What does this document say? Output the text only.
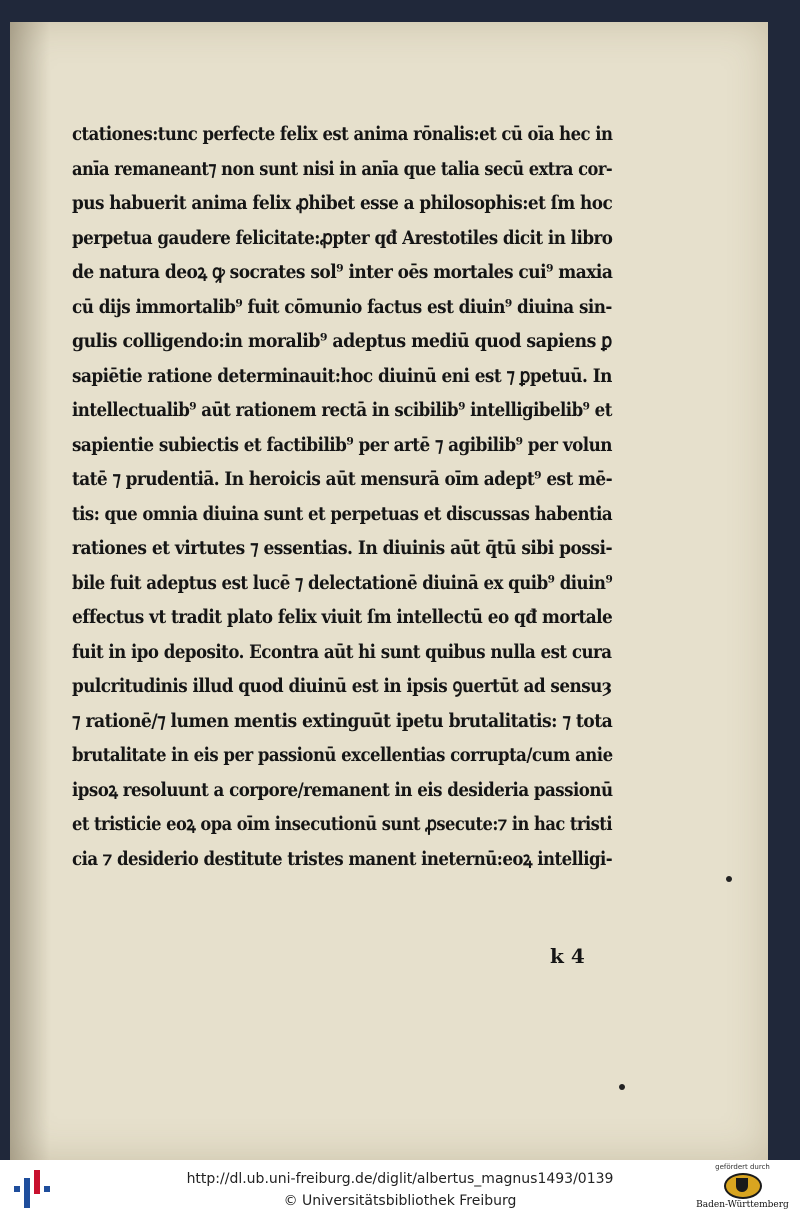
ctationes:tunc perfecte felix est anima rōnalis:et cū oīa hec in
anīa remaneant⁊ non sunt nisi in anīa que talia secū extra cor-
pus habuerit anima felix ꝓhibet esse a philosophis:et ſm hoc
perpetua gaudere felicitate:ꝓpter qđ Arestotiles dicit in libro
de natura deoꝝ ꝙ socrates sol⁹ inter oēs mortales cui⁹ maxia
cū dijs immortalib⁹ fuit cōmunio factus est diuin⁹ diuina sin-
gulis colligendo:in moralib⁹ adeptus mediū quod sapiens ꝑ
sapiētie ratione determinauit:hoc diuinū eni est ⁊ ꝑpetuū. In
intellectualib⁹ aūt rationem rectā in scibilib⁹ intelligibelib⁹ et
sapientie subiectis et factibilib⁹ per artē ⁊ agibilib⁹ per volun
tatē ⁊ prudentiā. In heroicis aūt mensurā oīm adept⁹ est mē-
tis: que omnia diuina sunt et perpetuas et discussas habentia
rationes et virtutes ⁊ essentias. In diuinis aūt q̄tū sibi possi-
bile fuit adeptus est lucē ⁊ delectationē diuinā ex quib⁹ diuin⁹
effectus vt tradit plato felix viuit ſm intellectū eo qđ mortale
fuit in ipo deposito. Econtra aūt hi sunt quibus nulla est cura
pulcritudinis illud quod diuinū est in ipsis ꝯuertūt ad sensuȝ
⁊ rationē/⁊ lumen mentis extinguūt ipetu brutalitatis: ⁊ tota
brutalitate in eis per passionū excellentias corrupta/cum anie
ipsoꝝ resoluunt a corpore/remanent in eis desideria passionū
et tristicie eoꝝ opa oīm insecutionū sunt ꝓsecute:⁊ in hac tristi
cia ⁊ desiderio destitute tristes manent ineternū:eoꝝ intelligi-
k 4
http://dl.ub.uni-freiburg.de/diglit/albertus_magnus1493/0139
© Universitätsbibliothek Freiburg
gefördert durch
Baden-Württemberg
